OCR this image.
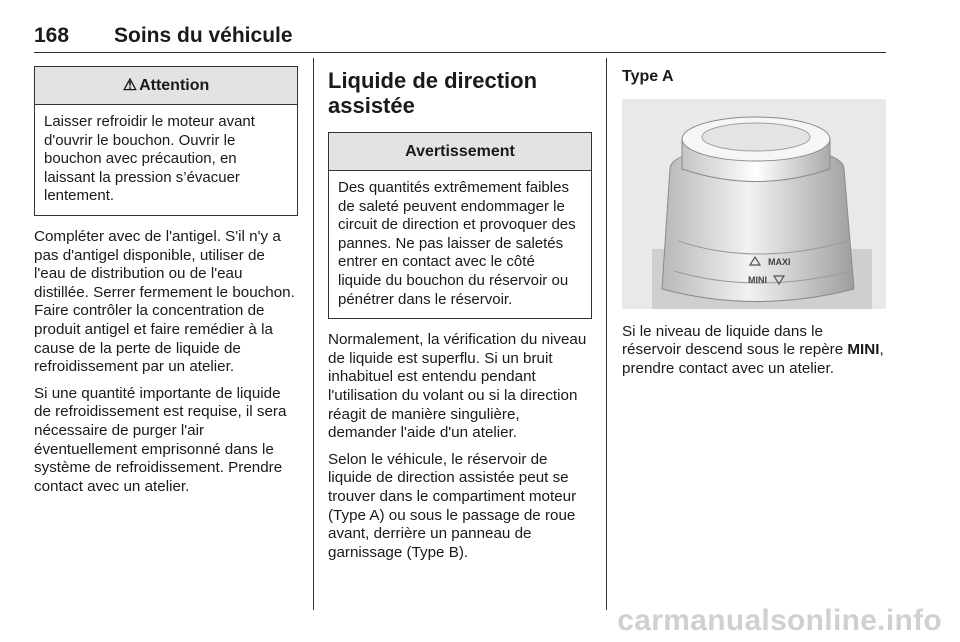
168 Soins du véhicule
⚠ Attention
Laisser refroidir le moteur avant d'ouvrir le bouchon. Ouvrir le bouchon avec précaution, en laissant la pression s’évacuer lentement.

Compléter avec de l'antigel. S'il n'y a pas d'antigel disponible, utiliser de l'eau de distribution ou de l'eau distillée. Serrer fermement le bouchon. Faire contrôler la concentration de produit antigel et faire remédier à la cause de la perte de liquide de refroidissement par un atelier.

Si une quantité importante de liquide de refroidissement est requise, il sera nécessaire de purger l'air éventuellement emprisonné dans le système de refroidissement. Prendre contact avec un atelier.

Liquide de direction assistée
Avertissement
Des quantités extrêmement faibles de saleté peuvent endommager le circuit de direction et provoquer des pannes. Ne pas laisser de saletés entrer en contact avec le côté liquide du bouchon du réservoir ou pénétrer dans le réservoir.

Normalement, la vérification du niveau de liquide est superflu. Si un bruit inhabituel est entendu pendant l'utilisation du volant ou si la direction réagit de manière singulière, demander l'aide d'un atelier.

Selon le véhicule, le réservoir de liquide de direction assistée peut se trouver dans le compartiment moteur (Type A) ou sous le passage de roue avant, derrière un panneau de garnissage (Type B).

Type A
MAXI
MINI

Si le niveau de liquide dans le réservoir descend sous le repère MINI, prendre contact avec un atelier.

carmanualsonline.info
